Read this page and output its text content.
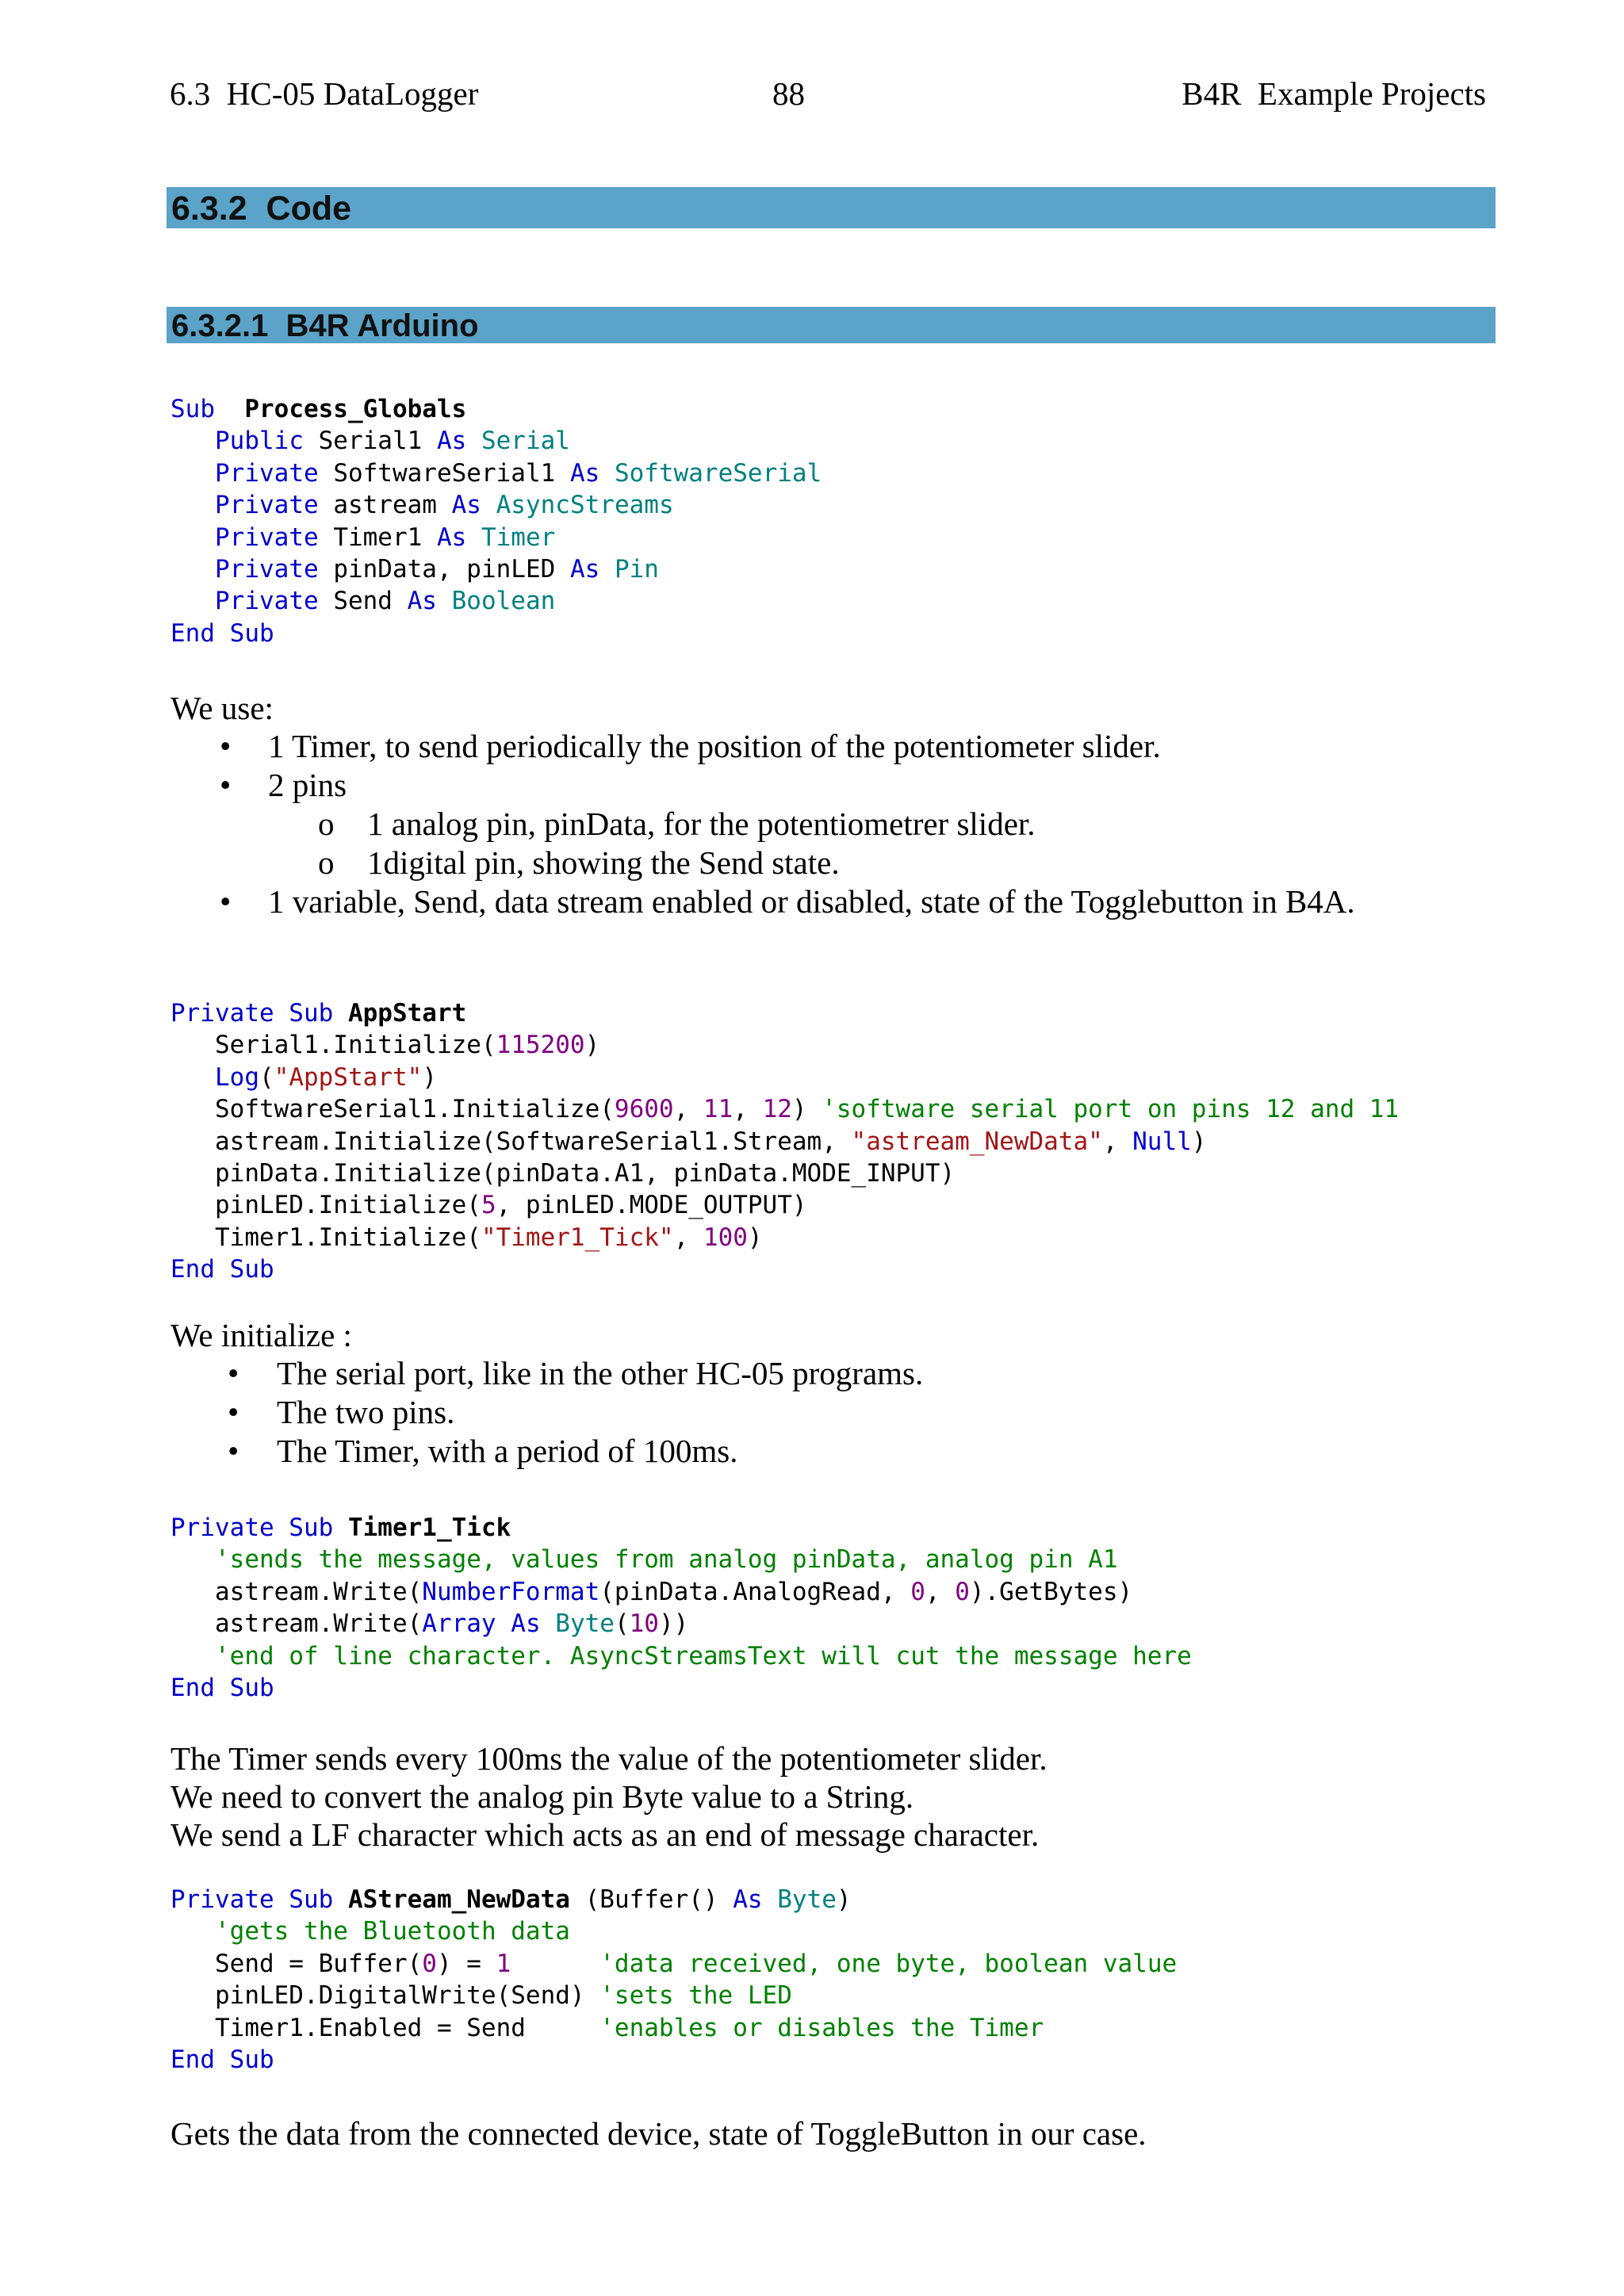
6.3  HC-05 DataLogger	88	B4R  Example Projects
6.3.2  Code
6.3.2.1  B4R Arduino
Sub Process_Globals
Public Serial1 As Serial
Private SoftwareSerial1 As SoftwareSerial
Private astream As AsyncStreams
Private Timer1 As Timer
Private pinData, pinLED As Pin
Private Send As Boolean
End Sub

We use:

• 1 Timer, to send periodically the position of the potentiometer slider.
• 2 pins
o 1 analog pin, pinData, for the potentiometrer slider.
o 1digital pin, showing the Send state.
• 1 variable, Send, data stream enabled or disabled, state of the Togglebutton in B4A.
Private Sub AppStart
Serial1.Initialize(115200)
Log("AppStart")
SoftwareSerial1.Initialize(9600, 11, 12) 'software serial port on pins 12 and 11
astream.Initialize(SoftwareSerial1.Stream, "astream_NewData", Null)
pinData.Initialize(pinData.A1, pinData.MODE_INPUT)
pinLED.Initialize(5, pinLED.MODE_OUTPUT)
Timer1.Initialize("Timer1_Tick", 100)
End Sub

We initialize :

• The serial port, like in the other HC-05 programs.
• The two pins.
• The Timer, with a period of 100ms.
Private Sub Timer1_Tick
'sends the message, values from analog pinData, analog pin A1
astream.Write(NumberFormat(pinData.AnalogRead, 0, 0).GetBytes)
astream.Write(Array As Byte(10))
'end of line character. AsyncStreamsText will cut the message here
End Sub

The Timer sends every 100ms the value of the potentiometer slider.

We need to convert the analog pin Byte value to a String.

We send a LF character which acts as an end of message character.

Private Sub AStream_NewData (Buffer() As Byte)
'gets the Bluetooth data
Send = Buffer(0) = 1	'data received, one byte, boolean value
pinLED.DigitalWrite(Send) 'sets the LED
Timer1.Enabled = Send     'enables or disables the Timer
End Sub

Gets the data from the connected device, state of ToggleButton in our case.
